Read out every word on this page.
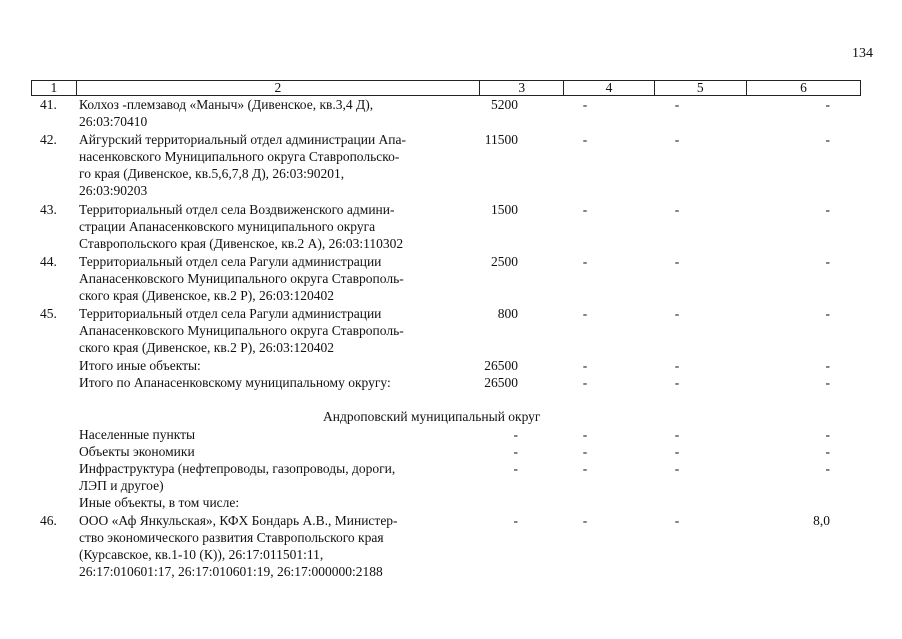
134
1	2	3	4	5	6
41.	Колхоз -племзавод «Маныч» (Дивенское, кв.3,4 Д),
26:03:70410
5200	-	-	-
42.	Айгурский территориальный отдел администрации Апа-
насенковского Муниципального округа Ставропольско-
го края (Дивенское, кв.5,6,7,8 Д), 26:03:90201,
26:03:90203
11500	-	-	-
43.	Территориальный отдел села Воздвиженского админи-
страции Апанасенковского муниципального округа
Ставропольского края (Дивенское, кв.2 А), 26:03:110302
1500	-	-	-
44.	Территориальный отдел села Рагули администрации
Апанасенковского Муниципального округа Ставрополь-
ского края (Дивенское, кв.2 Р), 26:03:120402
2500	-	-	-
45.	Территориальный отдел села Рагули администрации
Апанасенковского Муниципального округа Ставрополь-
ского края (Дивенское, кв.2 Р), 26:03:120402
800	-	-	-
Итого иные объекты:	26500	-	-	-
Итого по Апанасенковскому муниципальному округу:	26500	-	-	-
Андроповский муниципальный округ
Населенные пункты	-	-	-	-
Объекты экономики	-	-	-	-
Инфраструктура (нефтепроводы, газопроводы, дороги,
ЛЭП и другое)
-	-	-	-
Иные объекты, в том числе:
46.	ООО «Аф Янкульская», КФХ Бондарь А.В., Министер-
ство экономического развития Ставропольского края
(Курсавское, кв.1-10 (К)), 26:17:011501:11,
26:17:010601:17, 26:17:010601:19, 26:17:000000:2188
-	-	-	8,0
